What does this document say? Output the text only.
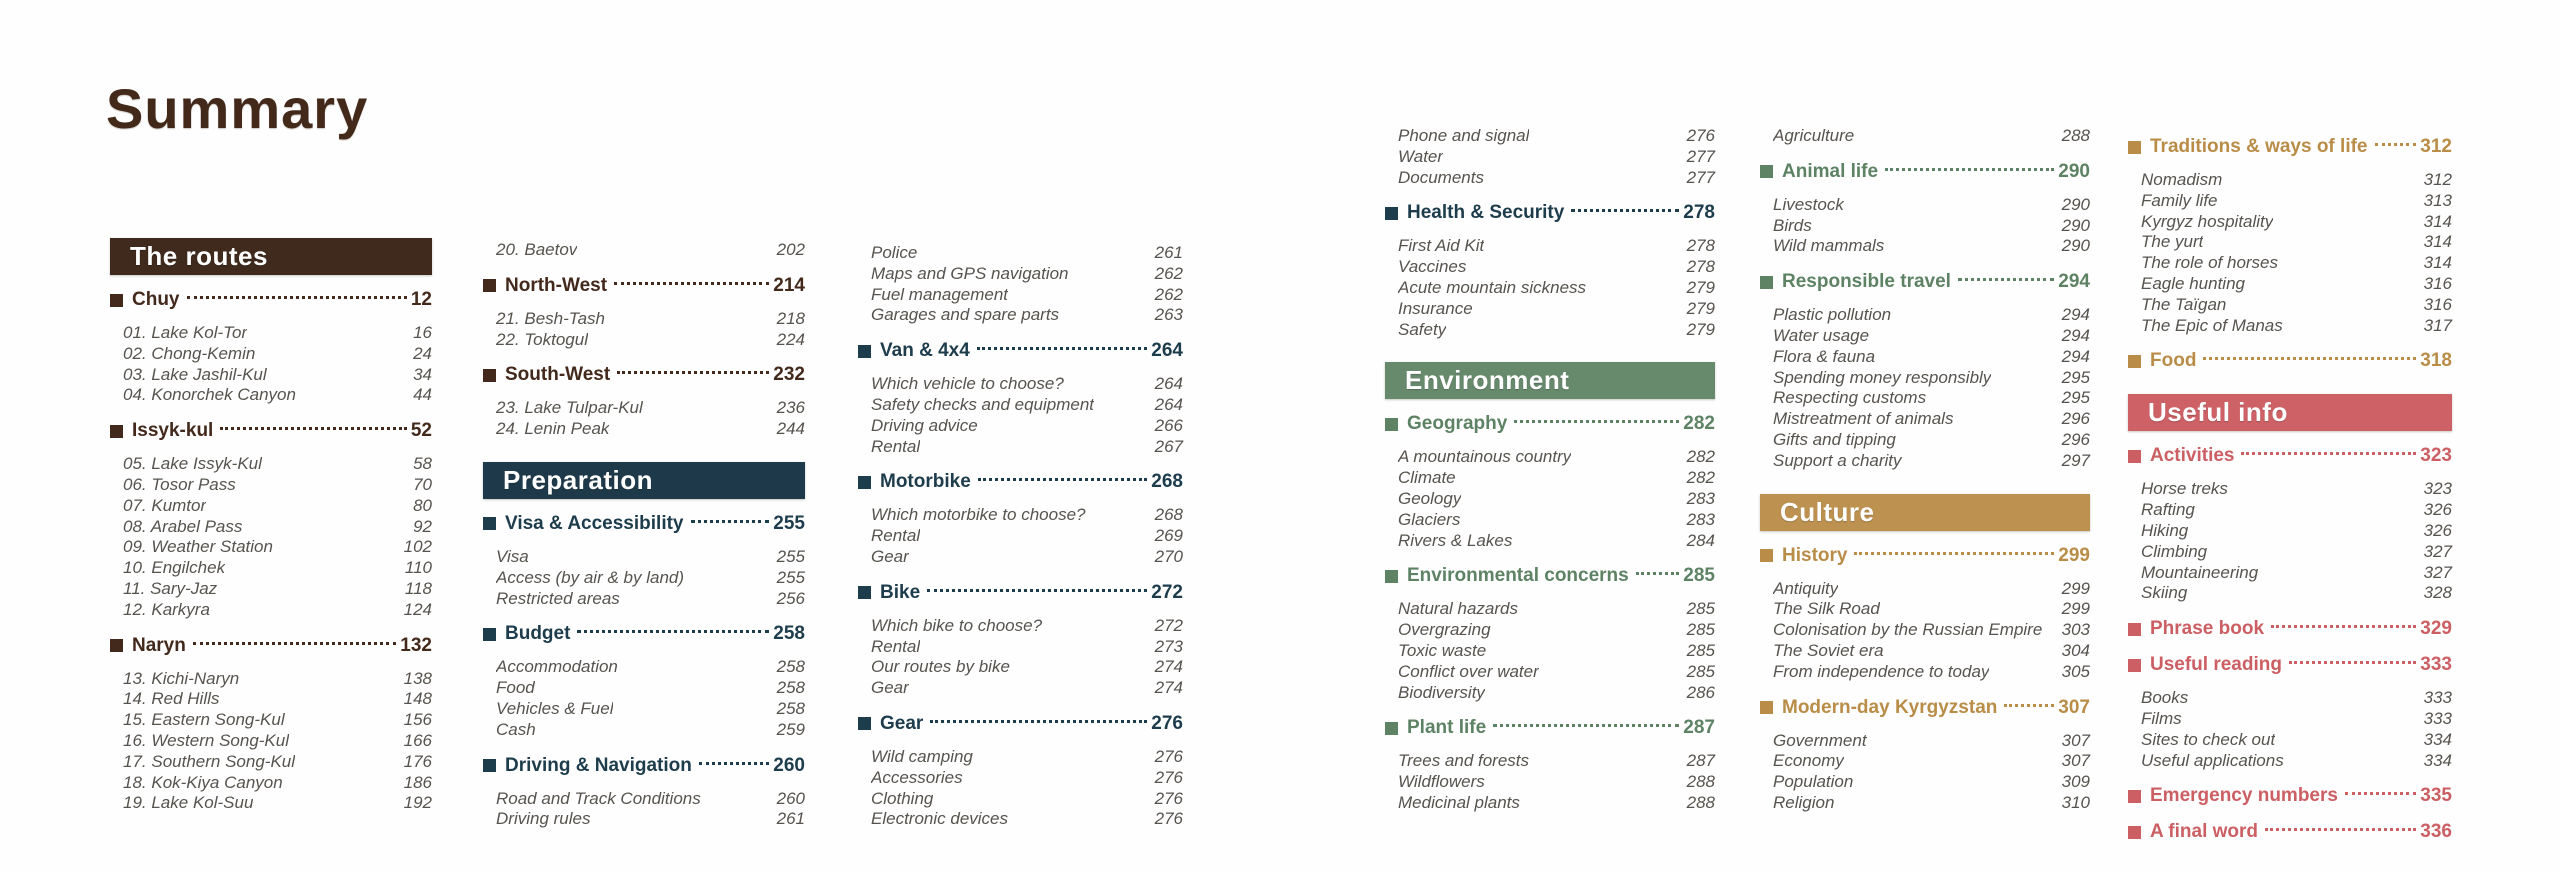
Summary
The routes
Chuy	12
01. Lake Kol-Tor	16
02. Chong-Kemin	24
03. Lake Jashil-Kul	34
04. Konorchek Canyon	44
Issyk-kul	52
05. Lake Issyk-Kul	58
06. Tosor Pass	70
07. Kumtor	80
08. Arabel Pass	92
09. Weather Station	102
10. Engilchek	110
11. Sary-Jaz	118
12. Karkyra	124
Naryn	132
13. Kichi-Naryn	138
14. Red Hills	148
15. Eastern Song-Kul	156
16. Western Song-Kul	166
17. Southern Song-Kul	176
18. Kok-Kiya Canyon	186
19. Lake Kol-Suu	192
20. Baetov	202
North-West	214
21. Besh-Tash	218
22. Toktogul	224
South-West	232
23. Lake Tulpar-Kul	236
24. Lenin Peak	244
Preparation
Visa & Accessibility	255
Visa	255
Access (by air & by land)	255
Restricted areas	256
Budget	258
Accommodation	258
Food	258
Vehicles & Fuel	258
Cash	259
Driving & Navigation	260
Road and Track Conditions	260
Driving rules	261
Police	261
Maps and GPS navigation	262
Fuel management	262
Garages and spare parts	263
Van & 4x4	264
Which vehicle to choose?	264
Safety checks and equipment	264
Driving advice	266
Rental	267
Motorbike	268
Which motorbike to choose?	268
Rental	269
Gear	270
Bike	272
Which bike to choose?	272
Rental	273
Our routes by bike	274
Gear	274
Gear	276
Wild camping	276
Accessories	276
Clothing	276
Electronic devices	276
Phone and signal	276
Water	277
Documents	277
Health & Security	278
First Aid Kit	278
Vaccines	278
Acute mountain sickness	279
Insurance	279
Safety	279
Environment
Geography	282
A mountainous country	282
Climate	282
Geology	283
Glaciers	283
Rivers & Lakes	284
Environmental concerns	285
Natural hazards	285
Overgrazing	285
Toxic waste	285
Conflict over water	285
Biodiversity	286
Plant life	287
Trees and forests	287
Wildflowers	288
Medicinal plants	288
Agriculture	288
Animal life	290
Livestock	290
Birds	290
Wild mammals	290
Responsible travel	294
Plastic pollution	294
Water usage	294
Flora & fauna	294
Spending money responsibly	295
Respecting customs	295
Mistreatment of animals	296
Gifts and tipping	296
Support a charity	297
Culture
History	299
Antiquity	299
The Silk Road	299
Colonisation by the Russian Empire	303
The Soviet era	304
From independence to today	305
Modern-day Kyrgyzstan	307
Government	307
Economy	307
Population	309
Religion	310
Traditions & ways of life	312
Nomadism	312
Family life	313
Kyrgyz hospitality	314
The yurt	314
The role of horses	314
Eagle hunting	316
The Taïgan	316
The Epic of Manas	317
Food	318
Useful info
Activities	323
Horse treks	323
Rafting	326
Hiking	326
Climbing	327
Mountaineering	327
Skiing	328
Phrase book	329
Useful reading	333
Books	333
Films	333
Sites to check out	334
Useful applications	334
Emergency numbers	335
A final word	336
